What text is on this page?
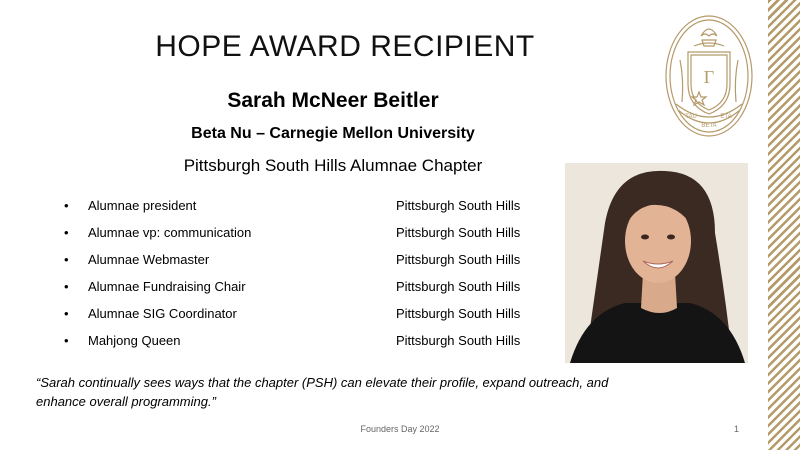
Γ
TAU	ETA
BETA
HOPE AWARD RECIPIENT
Sarah McNeer Beitler
Beta Nu – Carnegie Mellon University
Pittsburgh South Hills Alumnae Chapter
• Alumnae president	Pittsburgh South Hills
• Alumnae vp: communication	Pittsburgh South Hills
• Alumnae Webmaster	Pittsburgh South Hills
• Alumnae Fundraising Chair	Pittsburgh South Hills
• Alumnae SIG Coordinator	Pittsburgh South Hills
• Mahjong Queen	Pittsburgh South Hills
“Sarah continually sees ways that the chapter (PSH) can elevate their profile, expand outreach, and enhance overall programming.”
Founders Day 2022	1
